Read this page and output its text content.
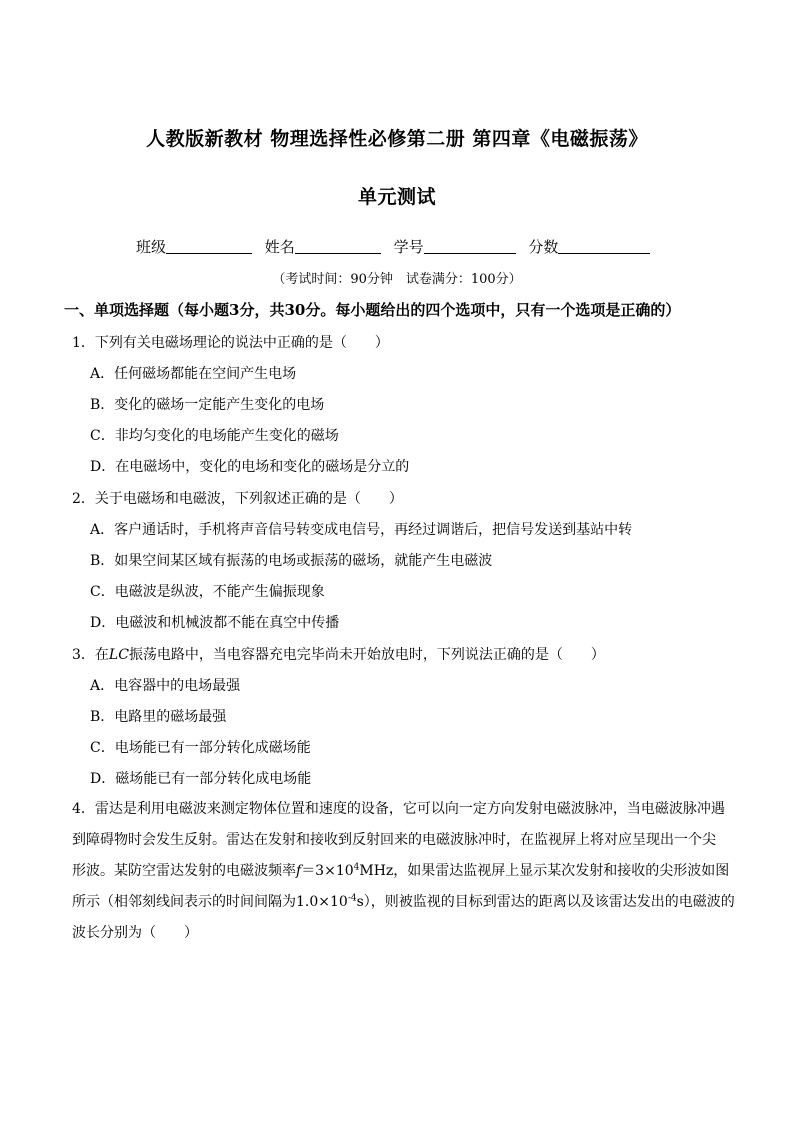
人教版新教材 物理选择性必修第二册 第四章《电磁振荡》
单元测试
班级	姓名	学号	分数
（考试时间：90分钟　试卷满分：100分）
一、单项选择题（每小题3分，共30分。每小题给出的四个选项中，只有一个选项是正确的）
1．下列有关电磁场理论的说法中正确的是（　　）
A．任何磁场都能在空间产生电场
B．变化的磁场一定能产生变化的电场
C．非均匀变化的电场能产生变化的磁场
D．在电磁场中，变化的电场和变化的磁场是分立的
2．关于电磁场和电磁波，下列叙述正确的是（　　）
A．客户通话时，手机将声音信号转变成电信号，再经过调谐后，把信号发送到基站中转
B．如果空间某区域有振荡的电场或振荡的磁场，就能产生电磁波
C．电磁波是纵波，不能产生偏振现象
D．电磁波和机械波都不能在真空中传播
3．在LC振荡电路中，当电容器充电完毕尚未开始放电时，下列说法正确的是（　　）
A．电容器中的电场最强
B．电路里的磁场最强
C．电场能已有一部分转化成磁场能
D．磁场能已有一部分转化成电场能
4．雷达是利用电磁波来测定物体位置和速度的设备，它可以向一定方向发射电磁波脉冲，当电磁波脉冲遇
到障碍物时会发生反射。雷达在发射和接收到反射回来的电磁波脉冲时，在监视屏上将对应呈现出一个尖
形波。某防空雷达发射的电磁波频率$f=3\times 10^4MHz$，如果雷达监视屏上显示某次发射和接收的尖形波如图
所示（相邻刻线间表示的时间间隔为$1.0\times 10^{-4}s$），则被监视的目标到雷达的距离以及该雷达发出的电磁波的
波长分别为（　　）
